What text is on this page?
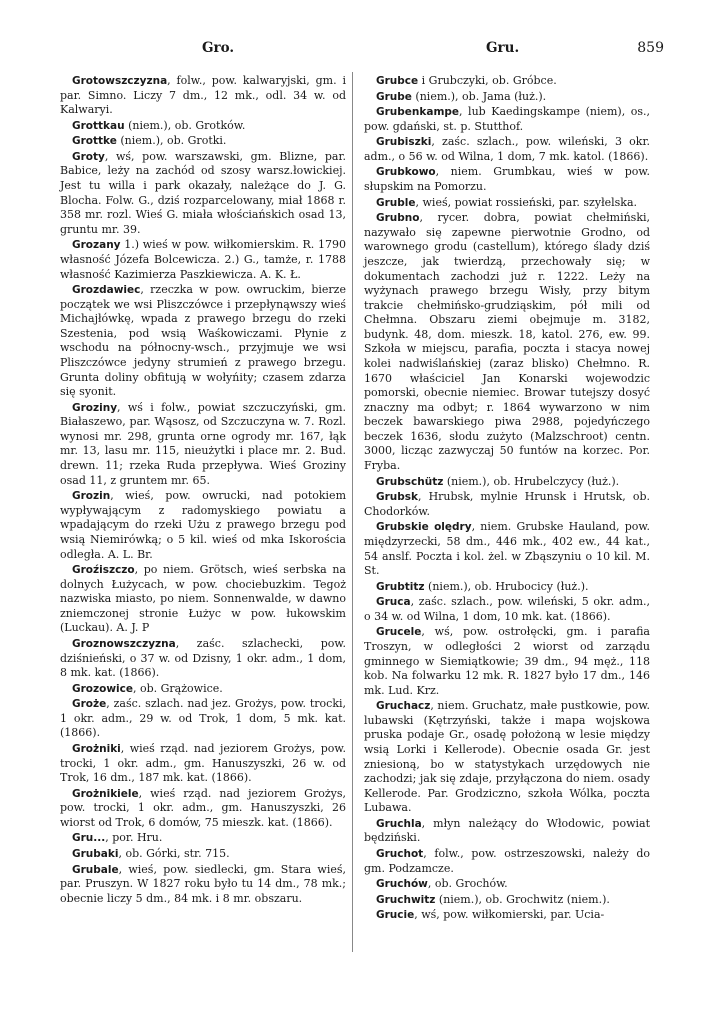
Gro.	Gru.	859

Grotowszczyzna, folw., pow. kalwaryjski, gm. i par. Simno. Liczy 7 dm., 12 mk., odl. 34 w. od Kalwaryi.

Grottkau (niem.), ob. Grotków.

Grottke (niem.), ob. Grotki.

Groty, wś, pow. warszawski, gm. Blizne, par. Babice, leży na zachód od szosy warsz.łowickiej. Jest tu willa i park okazały, należące do J. G. Blocha. Folw. G., dziś rozparcelowany, miał 1868 r. 358 mr. rozl. Wieś G. miała włościańskich osad 13, gruntu mr. 39.

Grozany 1.) wieś w pow. wiłkomierskim. R. 1790 własność Józefa Bolcewicza. 2.) G., tamże, r. 1788 własność Kazimierza Paszkiewicza. A. K. Ł.

Grozdawiec, rzeczka w pow. owruckim, bierze początek we wsi Pliszczówce i przepłynąwszy wieś Michajłówkę, wpada z prawego brzegu do rzeki Szestenia, pod wsią Waśkowiczami. Płynie z wschodu na północny-wsch., przyjmuje we wsi Pliszczówce jedyny strumień z prawego brzegu. Grunta doliny obfitują w wołyńity; czasem zdarza się syonit.

Groziny, wś i folw., powiat szczuczyński, gm. Białaszewo, par. Wąsosz, od Szczuczyna w. 7. Rozl. wynosi mr. 298, grunta orne ogrody mr. 167, łąk mr. 13, lasu mr. 115, nieużytki i place mr. 2. Bud. drewn. 11; rzeka Ruda przepływa. Wieś Groziny osad 11, z gruntem mr. 65.

Grozin, wieś, pow. owrucki, nad potokiem wypływającym z radomyskiego powiatu a wpadającym do rzeki Użu z prawego brzegu pod wsią Niemirówką; o 5 kil. wieś od mka Iskorościa odległa. A. L. Br.

Groźiszczo, po niem. Grötsch, wieś serbska na dolnych Łużycach, w pow. chociebuzkim. Tegoż nazwiska miasto, po niem. Sonnenwalde, w dawno zniemczonej stronie Łużyc w pow. łukowskim (Luckau). A. J. P

Groznowszczyzna, zaśc. szlachecki, pow. dziśnieński, o 37 w. od Dzisny, 1 okr. adm., 1 dom, 8 mk. kat. (1866).

Grozowice, ob. Grążowice.

Groże, zaśc. szlach. nad jez. Grożys, pow. trocki, 1 okr. adm., 29 w. od Trok, 1 dom, 5 mk. kat. (1866).

Grożniki, wieś rząd. nad jeziorem Grożys, pow. trocki, 1 okr. adm., gm. Hanuszyszki, 26 w. od Trok, 16 dm., 187 mk. kat. (1866).

Grożnikiele, wieś rząd. nad jeziorem Grożys, pow. trocki, 1 okr. adm., gm. Hanuszyszki, 26 wiorst od Trok, 6 domów, 75 mieszk. kat. (1866).

Gru..., por. Hru.

Grubaki, ob. Górki, str. 715.

Grubale, wieś, pow. siedlecki, gm. Stara wieś, par. Pruszyn. W 1827 roku było tu 14 dm., 78 mk.; obecnie liczy 5 dm., 84 mk. i 8 mr. obszaru.

Grubce i Grubczyki, ob. Gróbce.

Grube (niem.), ob. Jama (łuż.).

Grubenkampe, lub Kaedingskampe (niem), os., pow. gdański, st. p. Stutthof.

Grubiszki, zaśc. szlach., pow. wileński, 3 okr. adm., o 56 w. od Wilna, 1 dom, 7 mk. katol. (1866).

Grubkowo, niem. Grumbkau, wieś w pow. słupskim na Pomorzu.

Gruble, wieś, powiat rossieński, par. szyłelska.

Grubno, rycer. dobra, powiat chełmiński, nazywało się zapewne pierwotnie Grodno, od warownego grodu (castellum), którego ślady dziś jeszcze, jak twierdzą, przechowały się; w dokumentach zachodzi już r. 1222. Leży na wyżynach prawego brzegu Wisły, przy bitym trakcie chełmińsko-grudziąskim, pół mili od Chełmna. Obszaru ziemi obejmuje m. 3182, budynk. 48, dom. mieszk. 18, katol. 276, ew. 99. Szkoła w miejscu, parafia, poczta i stacya nowej kolei nadwiślańskiej (zaraz blisko) Chełmno. R. 1670 właściciel Jan Konarski wojewodzic pomorski, obecnie niemiec. Browar tutejszy dosyć znaczny ma odbyt; r. 1864 wywarzono w nim beczek bawarskiego piwa 2988, pojedyńczego beczek 1636, słodu zużyto (Malzschroot) centn. 3000, licząc zazwyczaj 50 funtów na korzec. Por. Fryba.

Grubschütz (niem.), ob. Hrubelczycy (łuż.).

Grubsk, Hrubsk, mylnie Hrunsk i Hrutsk, ob. Chodorków.

Grubskie olędry, niem. Grubske Hauland, pow. międzyrzecki, 58 dm., 446 mk., 402 ew., 44 kat., 54 anslf. Poczta i kol. żel. w Zbąszyniu o 10 kil. M. St.

Grubtitz (niem.), ob. Hrubocicy (łuż.).

Gruca, zaśc. szlach., pow. wileński, 5 okr. adm., o 34 w. od Wilna, 1 dom, 10 mk. kat. (1866).

Grucele, wś, pow. ostrołęcki, gm. i parafia Troszyn, w odległości 2 wiorst od zarządu gminnego w Siemiątkowie; 39 dm., 94 męż., 118 kob. Na folwarku 12 mk. R. 1827 było 17 dm., 146 mk. Lud. Krz.

Gruchacz, niem. Gruchatz, małe pustkowie, pow. lubawski (Kętrzyński, także i mapa wojskowa pruska podaje Gr., osadę położoną w lesie między wsią Lorki i Kellerode). Obecnie osada Gr. jest zniesioną, bo w statystykach urzędowych nie zachodzi; jak się zdaje, przyłączona do niem. osady Kellerode. Par. Grodziczno, szkoła Wólka, poczta Lubawa.

Gruchla, młyn należący do Włodowic, powiat będziński.

Gruchot, folw., pow. ostrzeszowski, należy do gm. Podzamcze.

Gruchów, ob. Grochów.

Gruchwitz (niem.), ob. Grochwitz (niem.).

Grucie, wś, pow. wiłkomierski, par. Ucia-
